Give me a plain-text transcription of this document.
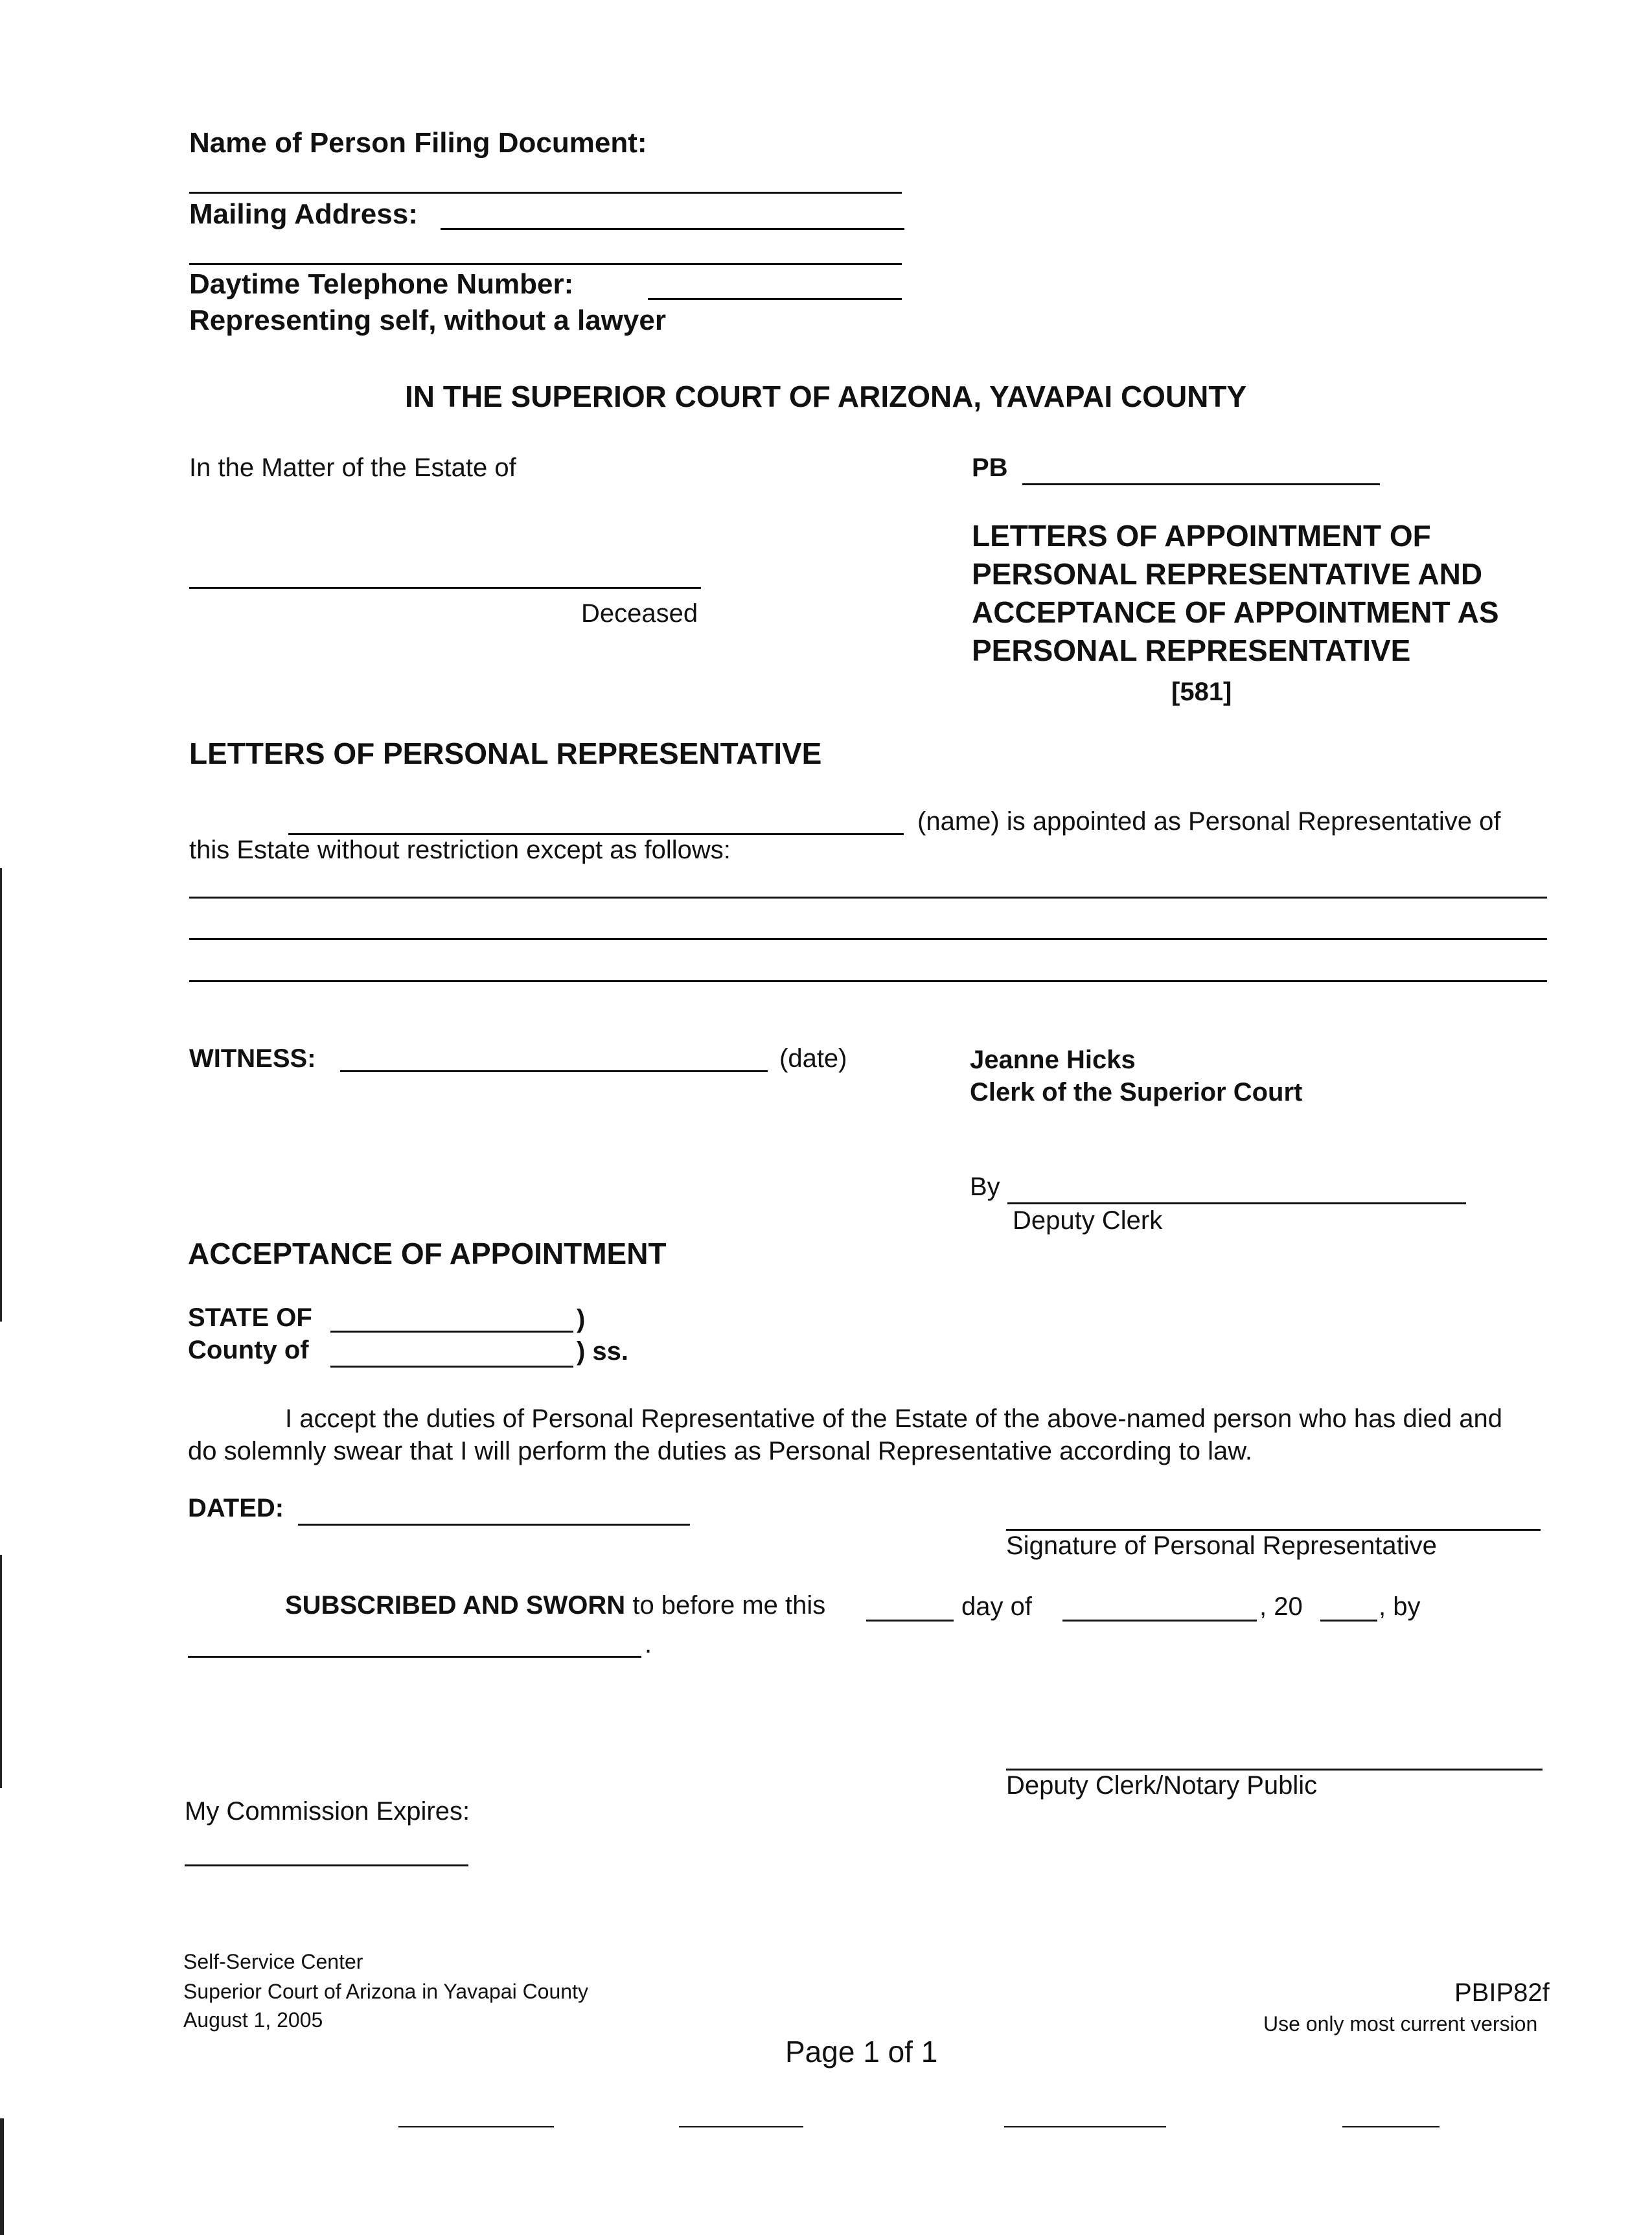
Name of Person Filing Document:
Mailing Address:
Daytime Telephone Number:
Representing self, without a lawyer
IN THE SUPERIOR COURT OF ARIZONA, YAVAPAI COUNTY
In the Matter of the Estate of
Deceased
PB
LETTERS OF APPOINTMENT OF
PERSONAL REPRESENTATIVE AND
ACCEPTANCE OF APPOINTMENT AS
PERSONAL REPRESENTATIVE
[581]
LETTERS OF PERSONAL REPRESENTATIVE
(name) is appointed as Personal Representative of
this Estate without restriction except as follows:
WITNESS:	(date)	Jeanne Hicks
Clerk of the Superior Court
By
Deputy Clerk
ACCEPTANCE OF APPOINTMENT
STATE OF	)
County of	) ss.
I accept the duties of Personal Representative of the Estate of the above-named person who has died and
do solemnly swear that I will perform the duties as Personal Representative according to law.
DATED:
Signature of Personal Representative
SUBSCRIBED AND SWORN to before me this	day of	, 20	, by
.
Deputy Clerk/Notary Public
My Commission Expires:
Self-Service Center
Superior Court of Arizona in Yavapai County
August 1, 2005
PBIP82f
Use only most current version
Page 1 of 1
